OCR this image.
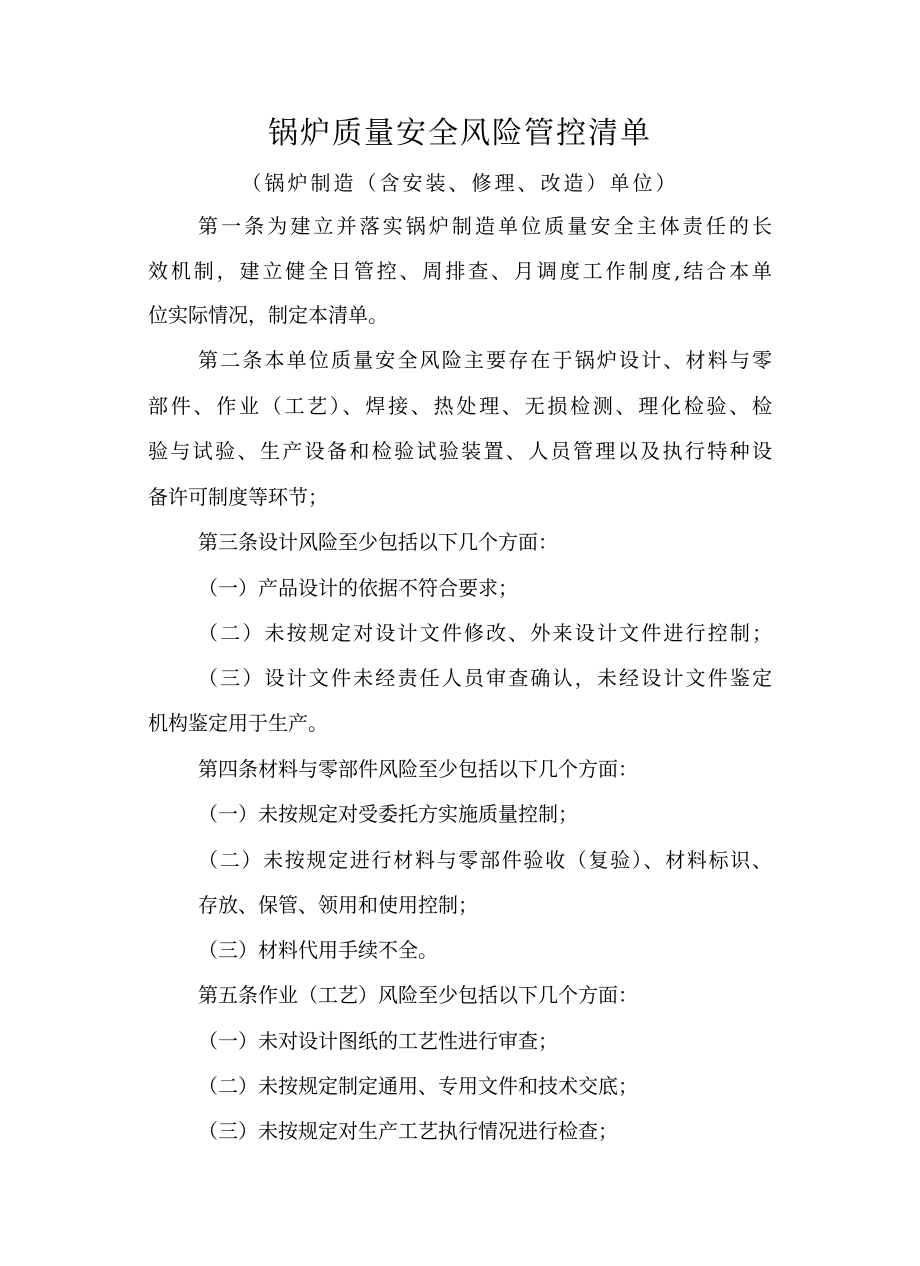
锅炉质量安全风险管控清单
（锅炉制造（含安装、修理、改造）单位）
第一条为建立并落实锅炉制造单位质量安全主体责任的长
效机制，建立健全日管控、周排查、月调度工作制度,结合本单
位实际情况，制定本清单。
第二条本单位质量安全风险主要存在于锅炉设计、材料与零
部件、作业（工艺）、焊接、热处理、无损检测、理化检验、检
验与试验、生产设备和检验试验装置、人员管理以及执行特种设
备许可制度等环节；
第三条设计风险至少包括以下几个方面：
（一）产品设计的依据不符合要求；
（二）未按规定对设计文件修改、外来设计文件进行控制；
（三）设计文件未经责任人员审查确认，未经设计文件鉴定
机构鉴定用于生产。
第四条材料与零部件风险至少包括以下几个方面：
（一）未按规定对受委托方实施质量控制；
（二）未按规定进行材料与零部件验收（复验）、材料标识、
存放、保管、领用和使用控制；
（三）材料代用手续不全。
第五条作业（工艺）风险至少包括以下几个方面：
（一）未对设计图纸的工艺性进行审查；
（二）未按规定制定通用、专用文件和技术交底；
（三）未按规定对生产工艺执行情况进行检查；
